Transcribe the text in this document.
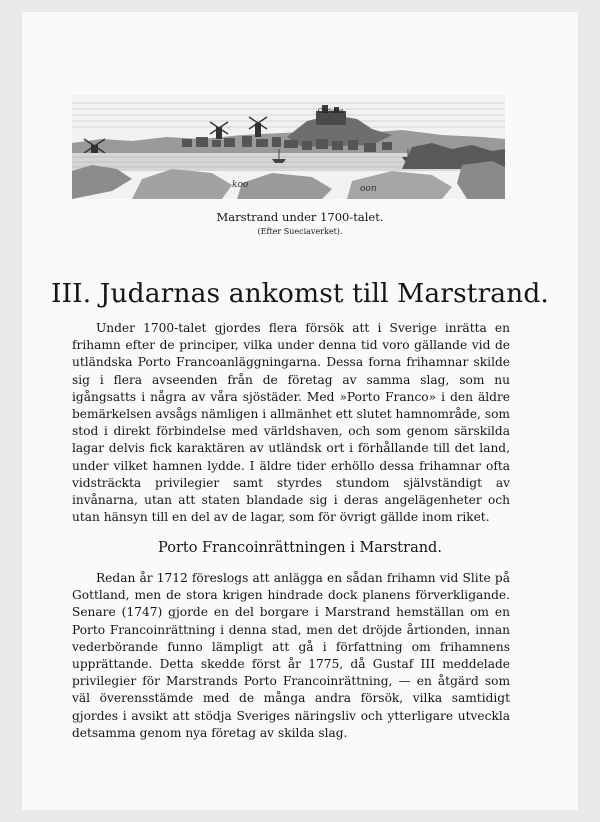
Carlsten
koo	oon
Marstrand under 1700-talet.
(Efter Sueciaverket).
III. Judarnas ankomst till Marstrand.

Under 1700-talet gjordes flera försök att i Sverige inrätta en frihamn efter de principer, vilka under denna tid voro gällande vid de utländska Porto Francoanläggningarna. Dessa forna frihamnar skilde sig i flera avseenden från de företag av samma slag, som nu igångsatts i några av våra sjöstäder. Med »Porto Franco» i den äldre bemärkelsen avsågs nämligen i allmänhet ett slutet hamnområde, som stod i direkt förbindelse med världshaven, och som genom särskilda lagar delvis fick karaktären av utländsk ort i förhållande till det land, under vilket hamnen lydde. I äldre tider erhöllo dessa frihamnar ofta vidsträckta privilegier samt styrdes stundom självständigt av invånarna, utan att staten blandade sig i deras angelägenheter och utan hänsyn till en del av de lagar, som för övrigt gällde inom riket.

Porto Francoinrättningen i Marstrand.

Redan år 1712 föreslogs att anlägga en sådan frihamn vid Slite på Gottland, men de stora krigen hindrade dock planens förverkligande. Senare (1747) gjorde en del borgare i Marstrand hemställan om en Porto Francoinrättning i denna stad, men det dröjde årtionden, innan vederbörande funno lämpligt att gå i författning om frihamnens upprättande. Detta skedde först år 1775, då Gustaf III meddelade privilegier för Marstrands Porto Francoinrättning, — en åtgärd som väl överensstämde med de många andra försök, vilka samtidigt gjordes i avsikt att stödja Sveriges näringsliv och ytterligare utveckla detsamma genom nya företag av skilda slag.
